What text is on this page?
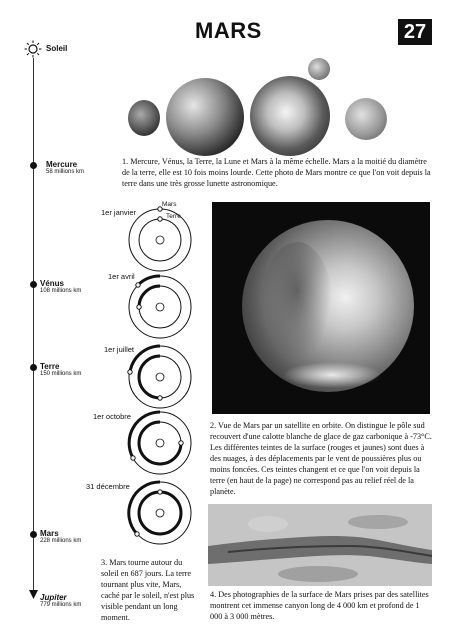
MARS	27
Soleil
Mercure
58 millions km
Vénus
108 millions km
Terre
150 millions km
Mars
228 millions km
Jupiter
779 millions km
1. Mercure, Vénus, la Terre, la Lune et Mars à la même échelle. Mars a la moitié du diamètre de la terre, elle est 10 fois moins lourde. Cette photo de Mars montre ce que l'on voit depuis la terre dans une très grosse lunette astronomique.
1er janvier
Mars
Terre
1er avril
1er juillet
1er octobre
31 décembre
3. Mars tourne autour du soleil en 687 jours. La terre tournant plus vite, Mars, caché par le soleil, n'est plus visible pendant un long moment.
2. Vue de Mars par un satellite en orbite. On distingue le pôle sud recouvert d'une calotte blanche de glace de gaz carbonique à -73°C. Les différentes teintes de la surface (rouges et jaunes) sont dues à des nuages, à des déplacements par le vent de poussières plus ou moins foncées. Ces teintes changent et ce que l'on voit depuis la terre (en haut de la page) ne correspond pas au relief réel de la planète.
4. Des photographies de la surface de Mars prises par des satellites montrent cet immense canyon long de 4 000 km et profond de 1 000 à 3 000 mètres.
